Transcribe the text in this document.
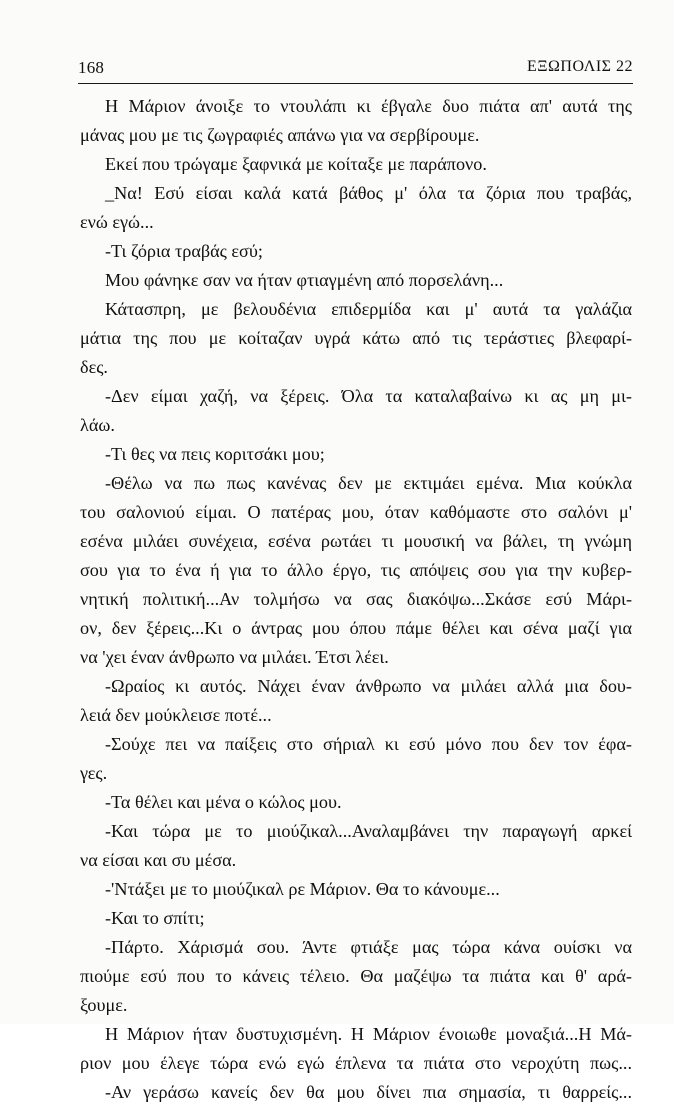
168	ΕΞΩΠΟΛΙΣ 22
Η Μάριον άνοιξε το ντουλάπι κι έβγαλε δυο πιάτα απ' αυτά της
μάνας μου με τις ζωγραφιές απάνω για να σερβίρουμε.
Εκεί που τρώγαμε ξαφνικά με κοίταξε με παράπονο.
_Να! Εσύ είσαι καλά κατά βάθος μ' όλα τα ζόρια που τραβάς,
ενώ εγώ...
-Τι ζόρια τραβάς εσύ;
Μου φάνηκε σαν να ήταν φτιαγμένη από πορσελάνη...
Κάτασπρη, με βελουδένια επιδερμίδα και μ' αυτά τα γαλάζια
μάτια της που με κοίταζαν υγρά κάτω από τις τεράστιες βλεφαρί-
δες.
-Δεν είμαι χαζή, να ξέρεις. Όλα τα καταλαβαίνω κι ας μη μι-
λάω.
-Τι θες να πεις κοριτσάκι μου;
-Θέλω να πω πως κανένας δεν με εκτιμάει εμένα. Μια κούκλα
του σαλονιού είμαι. Ο πατέρας μου, όταν καθόμαστε στο σαλόνι μ'
εσένα μιλάει συνέχεια, εσένα ρωτάει τι μουσική να βάλει, τη γνώμη
σου για το ένα ή για το άλλο έργο, τις απόψεις σου για την κυβερ-
νητική πολιτική...Αν τολμήσω να σας διακόψω...Σκάσε εσύ Μάρι-
ον, δεν ξέρεις...Κι ο άντρας μου όπου πάμε θέλει και σένα μαζί για
να 'χει έναν άνθρωπο να μιλάει. Έτσι λέει.
-Ωραίος κι αυτός. Νάχει έναν άνθρωπο να μιλάει αλλά μια δου-
λειά δεν μούκλεισε ποτέ...
-Σούχε πει να παίξεις στο σήριαλ κι εσύ μόνο που δεν τον έφα-
γες.
-Τα θέλει και μένα ο κώλος μου.
-Και τώρα με το μιούζικαλ...Αναλαμβάνει την παραγωγή αρκεί
να είσαι και συ μέσα.
-'Ντάξει με το μιούζικαλ ρε Μάριον. Θα το κάνουμε...
-Και το σπίτι;
-Πάρτο. Χάρισμά σου. Άντε φτιάξε μας τώρα κάνα ουίσκι να
πιούμε εσύ που το κάνεις τέλειο. Θα μαζέψω τα πιάτα και θ' αρά-
ξουμε.
Η Μάριον ήταν δυστυχισμένη. Η Μάριον ένοιωθε μοναξιά...Η Μά-
ριον μου έλεγε τώρα ενώ εγώ έπλενα τα πιάτα στο νεροχύτη πως...
-Αν γεράσω κανείς δεν θα μου δίνει πια σημασία, τι θαρρείς...
